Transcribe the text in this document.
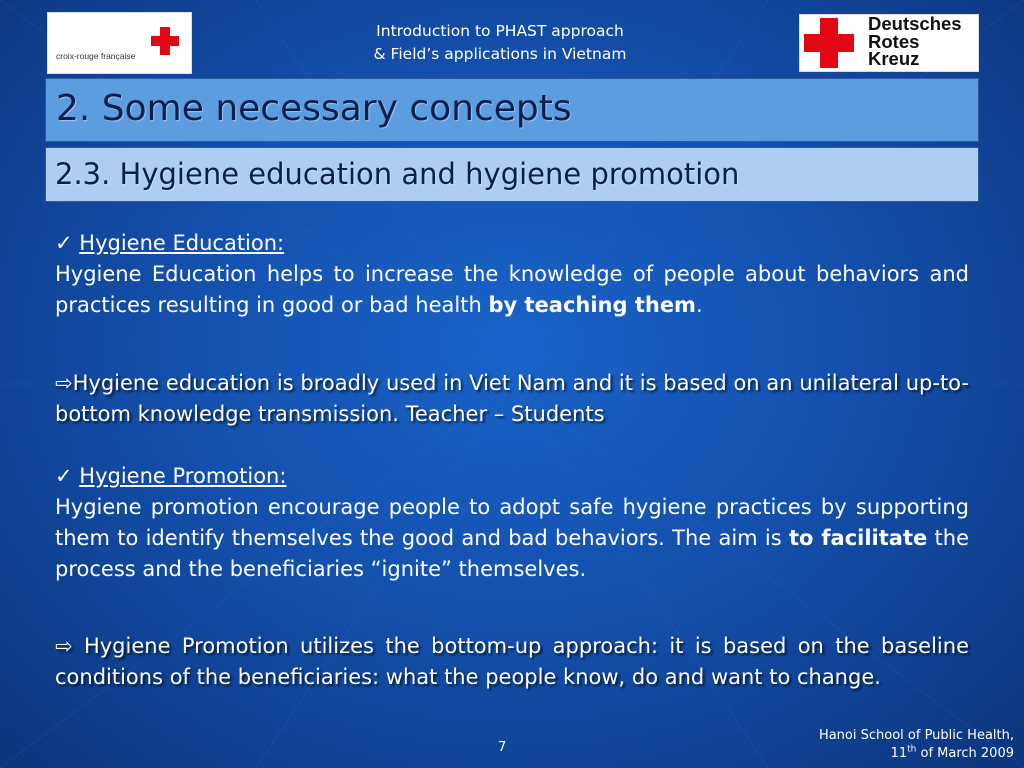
croix-rouge française
Introduction to PHAST approach
& Field’s applications in Vietnam
Deutsches
Rotes
Kreuz
2. Some necessary concepts
2.3. Hygiene education and hygiene promotion
✓ Hygiene Education:
Hygiene Education helps to increase the knowledge of people about behaviors and practices resulting in good or bad health by teaching them.
⇨Hygiene education is broadly used in Viet Nam and it is based on an unilateral up-to-bottom knowledge transmission. Teacher – Students
✓ Hygiene Promotion:
Hygiene promotion encourage people to adopt safe hygiene practices by supporting them to identify themselves the good and bad behaviors. The aim is to facilitate the process and the beneficiaries “ignite” themselves.
⇨ Hygiene Promotion utilizes the bottom-up approach: it is based on the baseline conditions of the beneficiaries: what the people know, do and want to change.
7
Hanoi School of Public Health,
11th of March 2009
